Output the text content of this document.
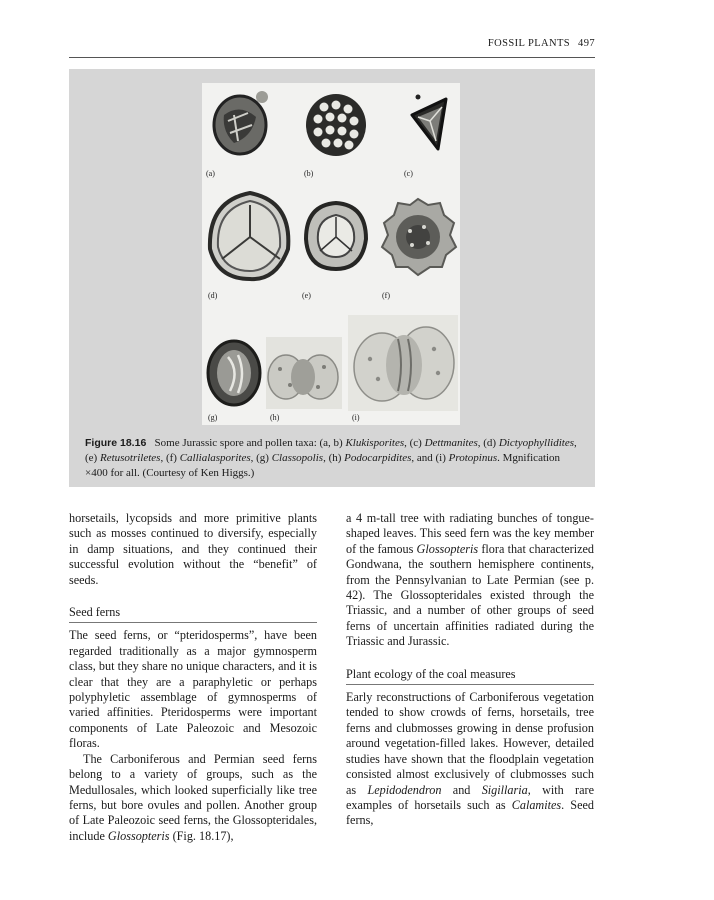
FOSSIL PLANTS 497
(a)	(b)	(c)
(d)	(e)	(f)
(g)	(h)	(i)
Figure 18.16 Some Jurassic spore and pollen taxa: (a, b) Klukisporites, (c) Dettmanites, (d) Dictyophyllidites, (e) Retusotriletes, (f) Callialasporites, (g) Classopolis, (h) Podocarpidites, and (i) Protopinus. Mgnification ×400 for all. (Courtesy of Ken Higgs.)

horsetails, lycopsids and more primitive plants such as mosses continued to diversify, especially in damp situations, and they continued their successful evolution without the “benefit” of seeds.

Seed ferns

The seed ferns, or “pteridosperms”, have been regarded traditionally as a major gymnosperm class, but they share no unique characters, and it is clear that they are a paraphyletic or perhaps polyphyletic assemblage of gymnosperms of varied affinities. Pteridosperms were important components of Late Paleozoic and Mesozoic floras.

The Carboniferous and Permian seed ferns belong to a variety of groups, such as the Medullosales, which looked superficially like tree ferns, but bore ovules and pollen. Another group of Late Paleozoic seed ferns, the Glossopteridales, include Glossopteris (Fig. 18.17),

a 4 m-tall tree with radiating bunches of tongue-shaped leaves. This seed fern was the key member of the famous Glossopteris flora that characterized Gondwana, the southern hemisphere continents, from the Pennsylvanian to Late Permian (see p. 42). The Glossopteridales existed through the Triassic, and a number of other groups of seed ferns of uncertain affinities radiated during the Triassic and Jurassic.

Plant ecology of the coal measures

Early reconstructions of Carboniferous vegetation tended to show crowds of ferns, horsetails, tree ferns and clubmosses growing in dense profusion around vegetation-filled lakes. However, detailed studies have shown that the floodplain vegetation consisted almost exclusively of clubmosses such as Lepidodendron and Sigillaria, with rare examples of horsetails such as Calamites. Seed ferns,
